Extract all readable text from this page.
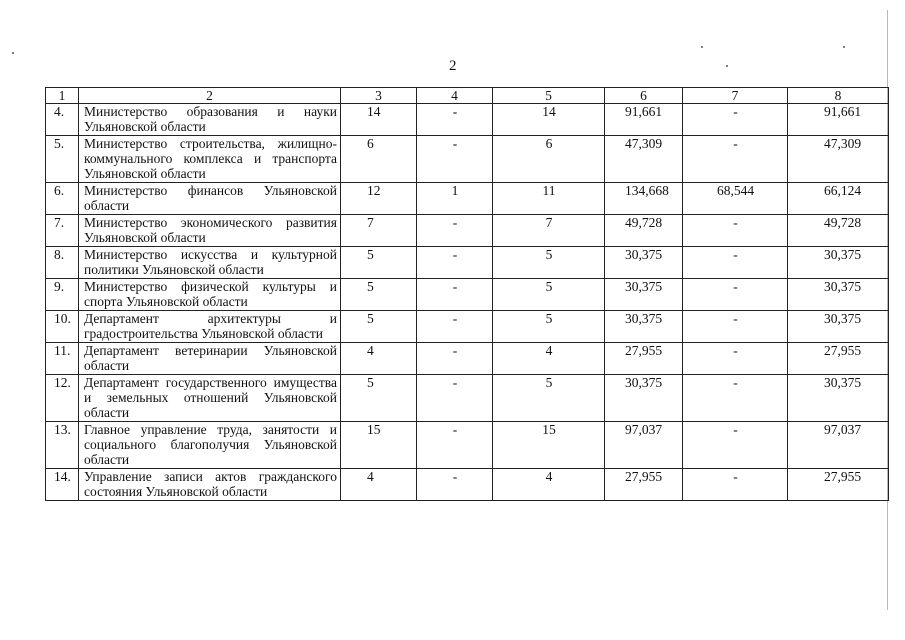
2
1	2	3	4	5	6	7	8
4.	Министерство образования и науки Ульяновской области	14	-	14	91,661	-	91,661
5.	Министерство строительства, жилищно-коммунального комплекса и транспорта Ульяновской области	6	-	6	47,309	-	47,309
6.	Министерство финансов Ульяновской области	12	1	11	134,668	68,544	66,124
7.	Министерство экономического развития Ульяновской области	7	-	7	49,728	-	49,728
8.	Министерство искусства и культурной политики Ульяновской области	5	-	5	30,375	-	30,375
9.	Министерство физической культуры и спорта Ульяновской области	5	-	5	30,375	-	30,375
10.	Департамент архитектуры и градостроительства Ульяновской области	5	-	5	30,375	-	30,375
11.	Департамент ветеринарии Ульяновской области	4	-	4	27,955	-	27,955
12.	Департамент государственного имущества и земельных отношений Ульяновской области	5	-	5	30,375	-	30,375
13.	Главное управление труда, занятости и социального благополучия Ульяновской области	15	-	15	97,037	-	97,037
14.	Управление записи актов гражданского состояния Ульяновской области	4	-	4	27,955	-	27,955
